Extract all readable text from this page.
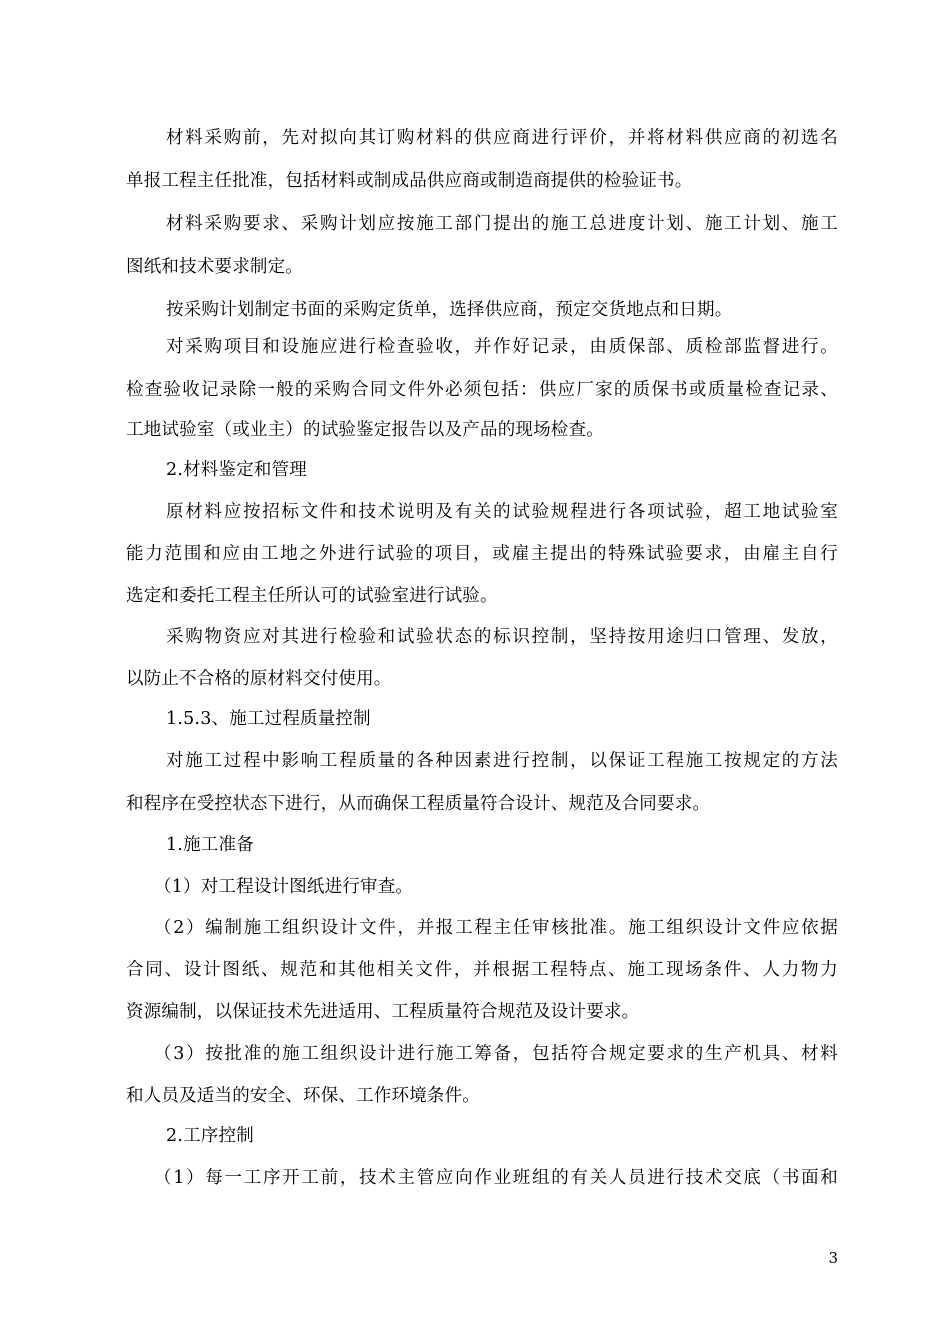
材料采购前，先对拟向其订购材料的供应商进行评价，并将材料供应商的初选名
单报工程主任批准，包括材料或制成品供应商或制造商提供的检验证书。
材料采购要求、采购计划应按施工部门提出的施工总进度计划、施工计划、施工
图纸和技术要求制定。
按采购计划制定书面的采购定货单，选择供应商，预定交货地点和日期。
对采购项目和设施应进行检查验收，并作好记录，由质保部、质检部监督进行。
检查验收记录除一般的采购合同文件外必须包括：供应厂家的质保书或质量检查记录、
工地试验室（或业主）的试验鉴定报告以及产品的现场检查。
2.材料鉴定和管理
原材料应按招标文件和技术说明及有关的试验规程进行各项试验，超工地试验室
能力范围和应由工地之外进行试验的项目，或雇主提出的特殊试验要求，由雇主自行
选定和委托工程主任所认可的试验室进行试验。
采购物资应对其进行检验和试验状态的标识控制，坚持按用途归口管理、发放，
以防止不合格的原材料交付使用。
1.5.3、施工过程质量控制
对施工过程中影响工程质量的各种因素进行控制，以保证工程施工按规定的方法
和程序在受控状态下进行，从而确保工程质量符合设计、规范及合同要求。
1.施工准备
（1）对工程设计图纸进行审查。
（2）编制施工组织设计文件，并报工程主任审核批准。施工组织设计文件应依据
合同、设计图纸、规范和其他相关文件，并根据工程特点、施工现场条件、人力物力
资源编制，以保证技术先进适用、工程质量符合规范及设计要求。
（3）按批准的施工组织设计进行施工筹备，包括符合规定要求的生产机具、材料
和人员及适当的安全、环保、工作环境条件。
2.工序控制
（1）每一工序开工前，技术主管应向作业班组的有关人员进行技术交底（书面和
3
